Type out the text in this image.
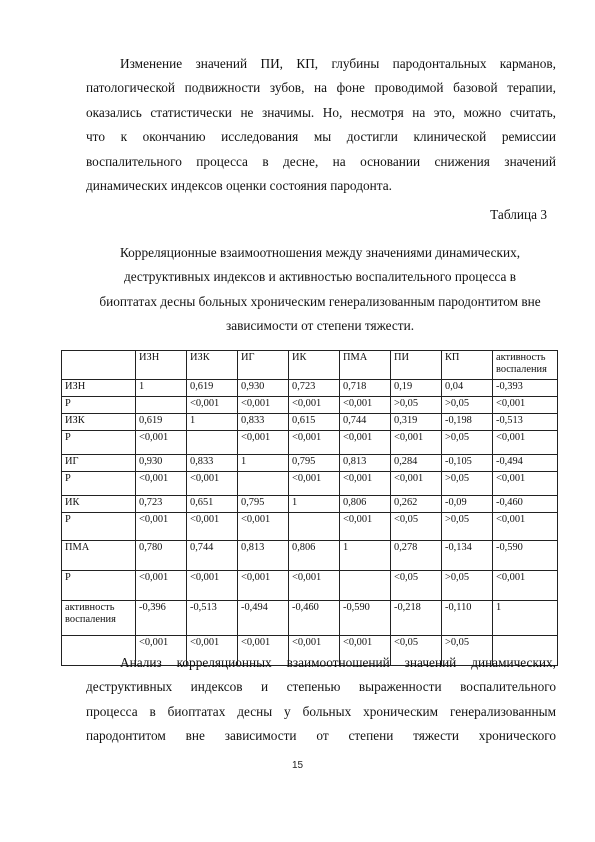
Изменение значений ПИ, КП, глубины пародонтальных карманов,
патологической подвижности зубов, на фоне проводимой базовой терапии,
оказались статистически не значимы. Но, несмотря на это, можно считать,
что к окончанию исследования мы достигли клинической ремиссии
воспалительного процесса в десне, на основании снижения значений
динамических индексов оценки состояния пародонта.
Таблица 3
Корреляционные взаимоотношения между значениями динамических,
деструктивных индексов и активностью воспалительного процесса в
биоптатах десны больных хроническим генерализованным пародонтитом вне
зависимости от степени тяжести.
	ИЗН	ИЗК	ИГ	ИК	ПМА	ПИ	КП	активность воспаления
ИЗН	1	0,619	0,930	0,723	0,718	0,19	0,04	-0,393
Р		<0,001	<0,001	<0,001	<0,001	>0,05	>0,05	<0,001
ИЗК	0,619	1	0,833	0,615	0,744	0,319	-0,198	-0,513
Р	<0,001		<0,001	<0,001	<0,001	<0,001	>0,05	<0,001
ИГ	0,930	0,833	1	0,795	0,813	0,284	-0,105	-0,494
Р	<0,001	<0,001		<0,001	<0,001	<0,001	>0,05	<0,001
ИК	0,723	0,651	0,795	1	0,806	0,262	-0,09	-0,460
Р	<0,001	<0,001	<0,001		<0,001	<0,05	>0,05	<0,001
ПМА	0,780	0,744	0,813	0,806	1	0,278	-0,134	-0,590
Р	<0,001	<0,001	<0,001	<0,001		<0,05	>0,05	<0,001
активность воспаления	-0,396	-0,513	-0,494	-0,460	-0,590	-0,218	-0,110	1
	<0,001	<0,001	<0,001	<0,001	<0,001	<0,05	>0,05	
Анализ корреляционных взаимоотношений значений динамических,
деструктивных индексов и степенью выраженности воспалительного
процесса в биоптатах десны у больных хроническим генерализованным
пародонтитом вне зависимости от степени тяжести хронического
15
